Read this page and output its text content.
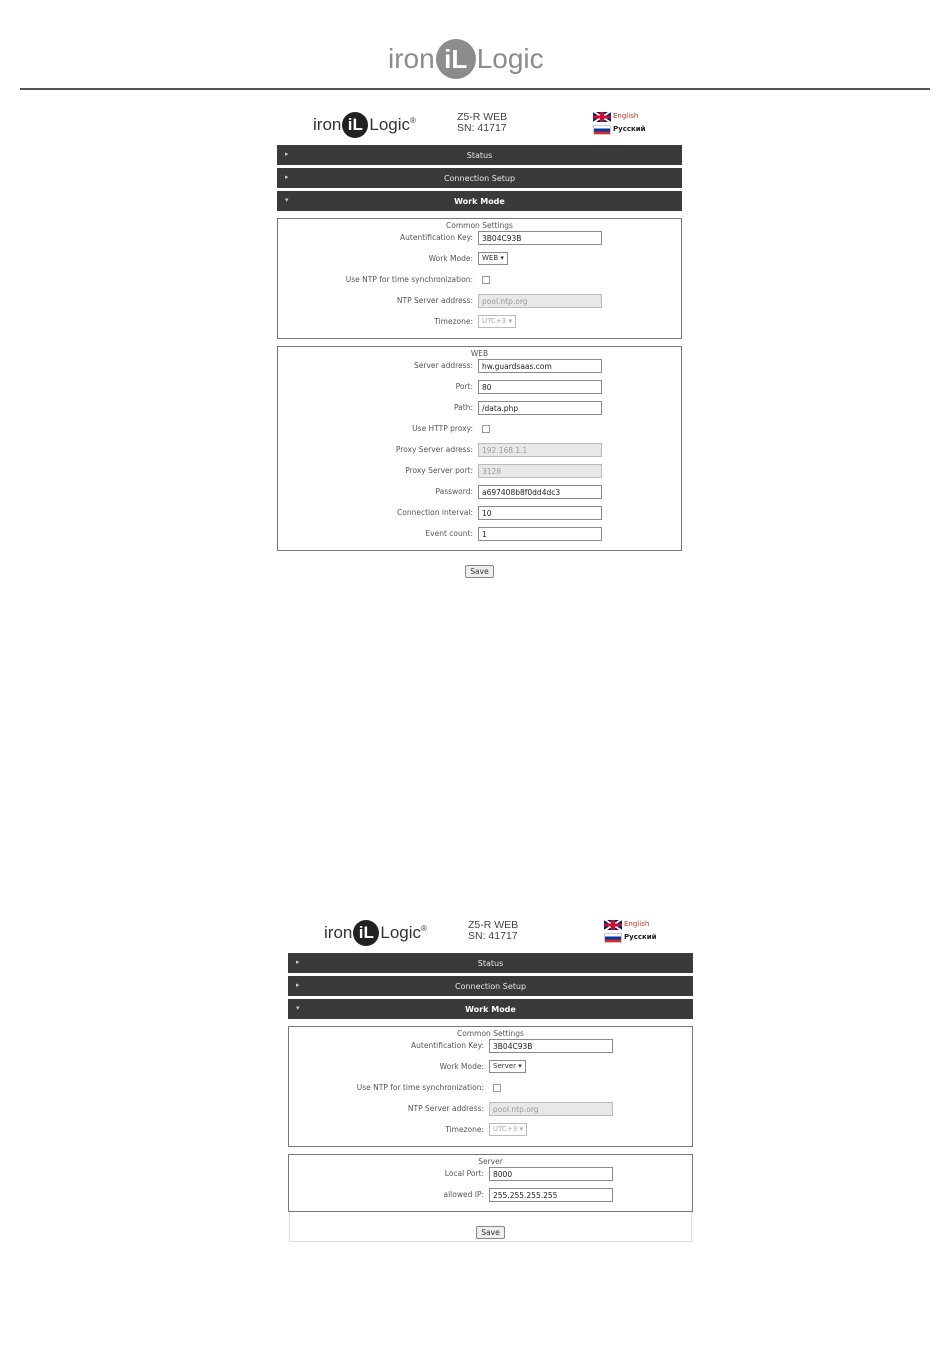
iron iL Logic
iron iL Logic ®	Z5-R WEB
SN: 41717
English
Русский
▸	Status
▸	Connection Setup
▾	Work Mode
Common Settings
Autentification Key:	3B04C93B
Work Mode:	WEB ▾
Use NTP for time synchronization:
NTP Server address:	pool.ntp.org
Timezone:	UTC+3 ▾
WEB
Server address:	hw.guardsaas.com
Port:	80
Path:	/data.php
Use HTTP proxy:
Proxy Server adress:	192.168.1.1
Proxy Server port:	3128
Password:	a697408b8f0dd4dc3
Connection interval:	10
Event count:	1
Save
iron iL Logic ®	Z5-R WEB
SN: 41717
English
Русский
▸	Status
▸	Connection Setup
▾	Work Mode
Common Settings
Autentification Key:	3B04C93B
Work Mode:	Server ▾
Use NTP for time synchronization:
NTP Server address:	pool.ntp.org
Timezone:	UTC+3 ▾
Server
Local Port:	8000
allowed IP:	255.255.255.255
Save
